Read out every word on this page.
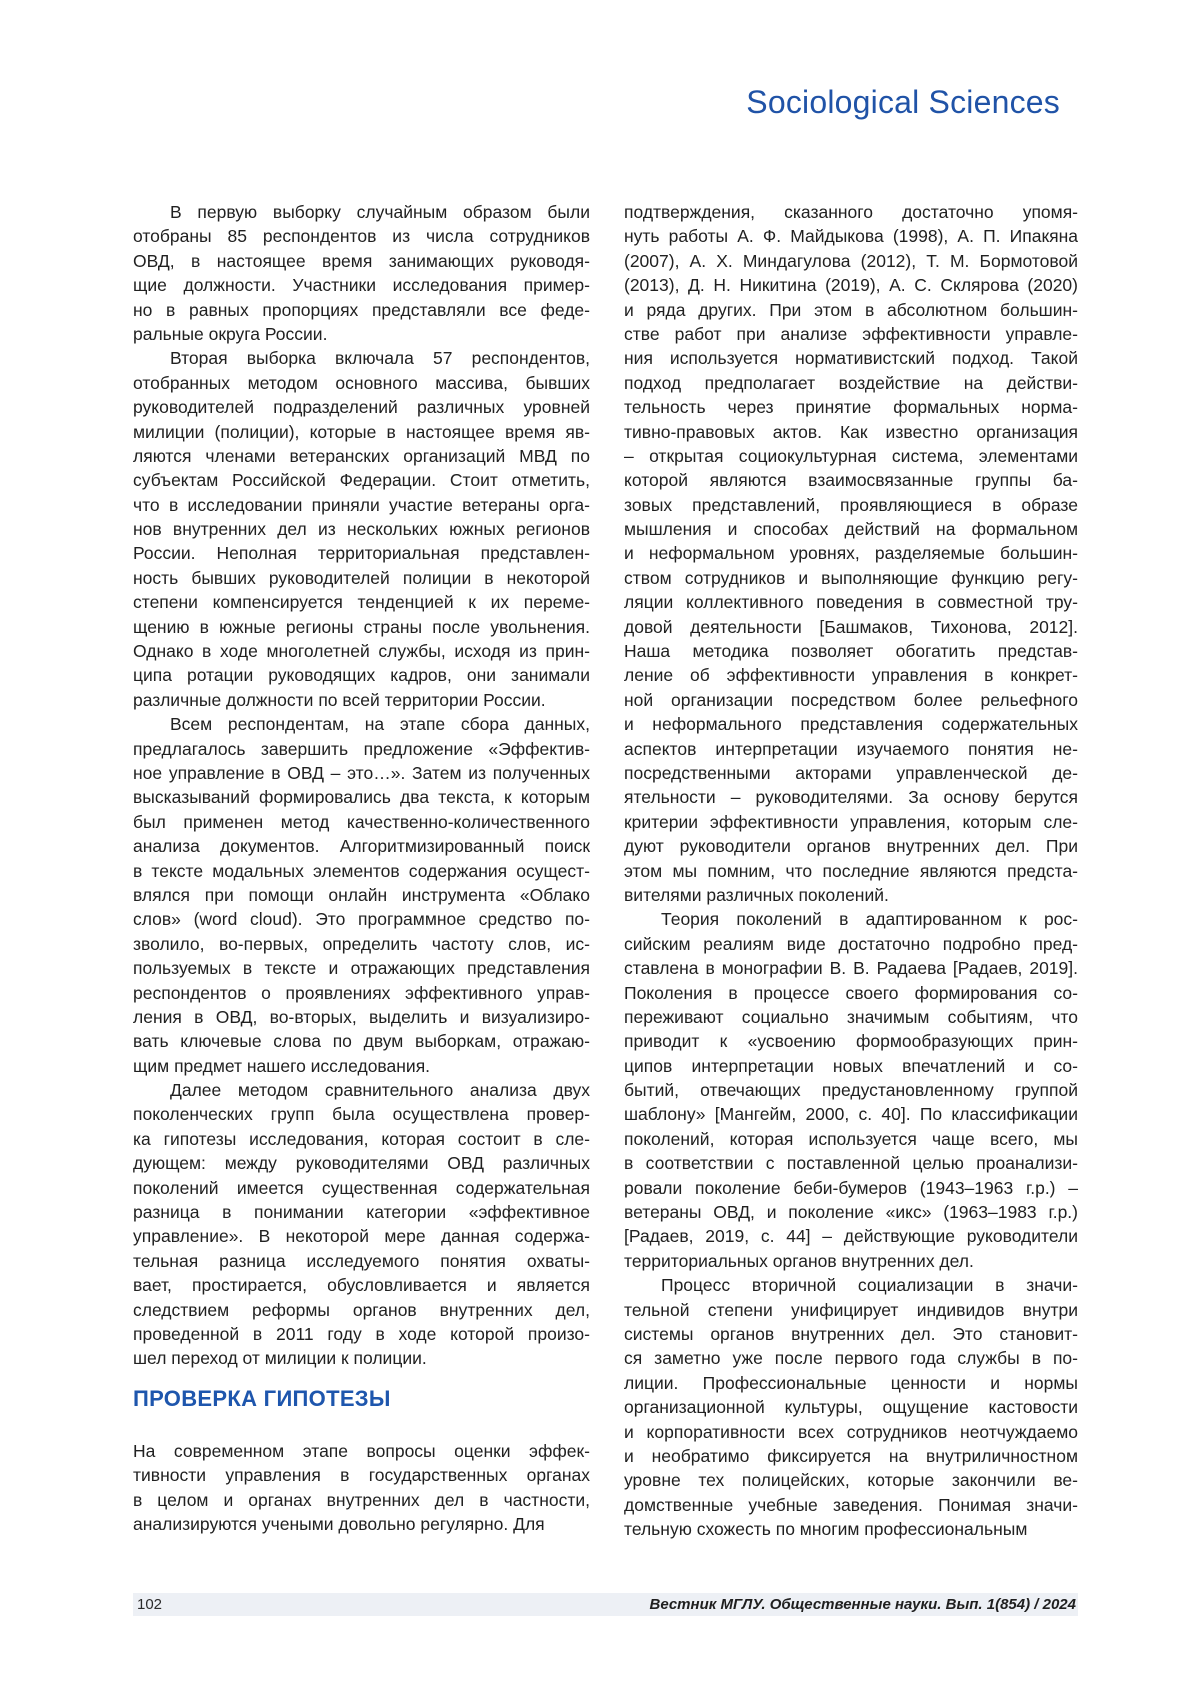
Sociological Sciences
В первую выборку случайным образом были
отобраны 85 респондентов из числа сотрудников
ОВД, в настоящее время занимающих руководя-
щие должности. Участники исследования пример-
но в равных пропорциях представляли все феде-
ральные округа России.
Вторая выборка включала 57 респондентов,
отобранных методом основного массива, бывших
руководителей подразделений различных уровней
милиции (полиции), которые в настоящее время яв-
ляются членами ветеранских организаций МВД по
субъектам Российской Федерации. Стоит отметить,
что в исследовании приняли участие ветераны орга-
нов внутренних дел из нескольких южных регионов
России. Неполная территориальная представлен-
ность бывших руководителей полиции в некоторой
степени компенсируется тенденцией к их переме-
щению в южные регионы страны после увольнения.
Однако в ходе многолетней службы, исходя из прин-
ципа ротации руководящих кадров, они занимали
различные должности по всей территории России.
Всем респондентам, на этапе сбора данных,
предлагалось завершить предложение «Эффектив-
ное управление в ОВД – это…». Затем из полученных
высказываний формировались два текста, к которым
был применен метод качественно-количественного
анализа документов. Алгоритмизированный поиск
в тексте модальных элементов содержания осущест-
влялся при помощи онлайн инструмента «Облако
слов» (word cloud). Это программное средство по-
зволило, во-первых, определить частоту слов, ис-
пользуемых в тексте и отражающих представления
респондентов о проявлениях эффективного управ-
ления в ОВД, во-вторых, выделить и визуализиро-
вать ключевые слова по двум выборкам, отражаю-
щим предмет нашего исследования.
Далее методом сравнительного анализа двух
поколенческих групп была осуществлена провер-
ка гипотезы исследования, которая состоит в сле-
дующем: между руководителями ОВД различных
поколений имеется существенная содержательная
разница в понимании категории «эффективное
управление». В некоторой мере данная содержа-
тельная разница исследуемого понятия охваты-
вает, простирается, обусловливается и является
следствием реформы органов внутренних дел,
проведенной в 2011 году в ходе которой произо-
шел переход от милиции к полиции.
ПРОВЕРКА ГИПОТЕЗЫ
На современном этапе вопросы оценки эффек-
тивности управления в государственных органах
в целом и органах внутренних дел в частности,
анализируются учеными довольно регулярно. Для
подтверждения, сказанного достаточно упомя-
нуть работы А. Ф. Майдыкова (1998), А. П. Ипакяна
(2007), А. Х. Миндагулова (2012), Т. М. Бормотовой
(2013), Д. Н. Никитина (2019), А. С. Склярова (2020)
и ряда других. При этом в абсолютном большин-
стве работ при анализе эффективности управле-
ния используется нормативистский подход. Такой
подход предполагает воздействие на действи-
тельность через принятие формальных норма-
тивно-правовых актов. Как известно организация
– открытая социокультурная система, элементами
которой являются взаимосвязанные группы ба-
зовых представлений, проявляющиеся в образе
мышления и способах действий на формальном
и неформальном уровнях, разделяемые большин-
ством сотрудников и выполняющие функцию регу-
ляции коллективного поведения в совместной тру-
довой деятельности [Башмаков, Тихонова, 2012].
Наша методика позволяет обогатить представ-
ление об эффективности управления в конкрет-
ной организации посредством более рельефного
и неформального представления содержательных
аспектов интерпретации изучаемого понятия не-
посредственными акторами управленческой де-
ятельности – руководителями. За основу берутся
критерии эффективности управления, которым сле-
дуют руководители органов внутренних дел. При
этом мы помним, что последние являются предста-
вителями различных поколений.
Теория поколений в адаптированном к рос-
сийским реалиям виде достаточно подробно пред-
ставлена в монографии В. В. Радаева [Радаев, 2019].
Поколения в процессе своего формирования со-
переживают социально значимым событиям, что
приводит к «усвоению формообразующих прин-
ципов интерпретации новых впечатлений и со-
бытий, отвечающих предустановленному группой
шаблону» [Мангейм, 2000, с. 40]. По классификации
поколений, которая используется чаще всего, мы
в соответствии с поставленной целью проанализи-
ровали поколение беби-бумеров (1943–1963 г.р.) –
ветераны ОВД, и поколение «икс» (1963–1983 г.р.)
[Радаев, 2019, с. 44] – действующие руководители
территориальных органов внутренних дел.
Процесс вторичной социализации в значи-
тельной степени унифицирует индивидов внутри
системы органов внутренних дел. Это становит-
ся заметно уже после первого года службы в по-
лиции. Профессиональные ценности и нормы
организационной культуры, ощущение кастовости
и корпоративности всех сотрудников неотчуждаемо
и необратимо фиксируется на внутриличностном
уровне тех полицейских, которые закончили ве-
домственные учебные заведения. Понимая значи-
тельную схожесть по многим профессиональным
102	Вестник МГЛУ. Общественные науки. Вып. 1(854) / 2024
